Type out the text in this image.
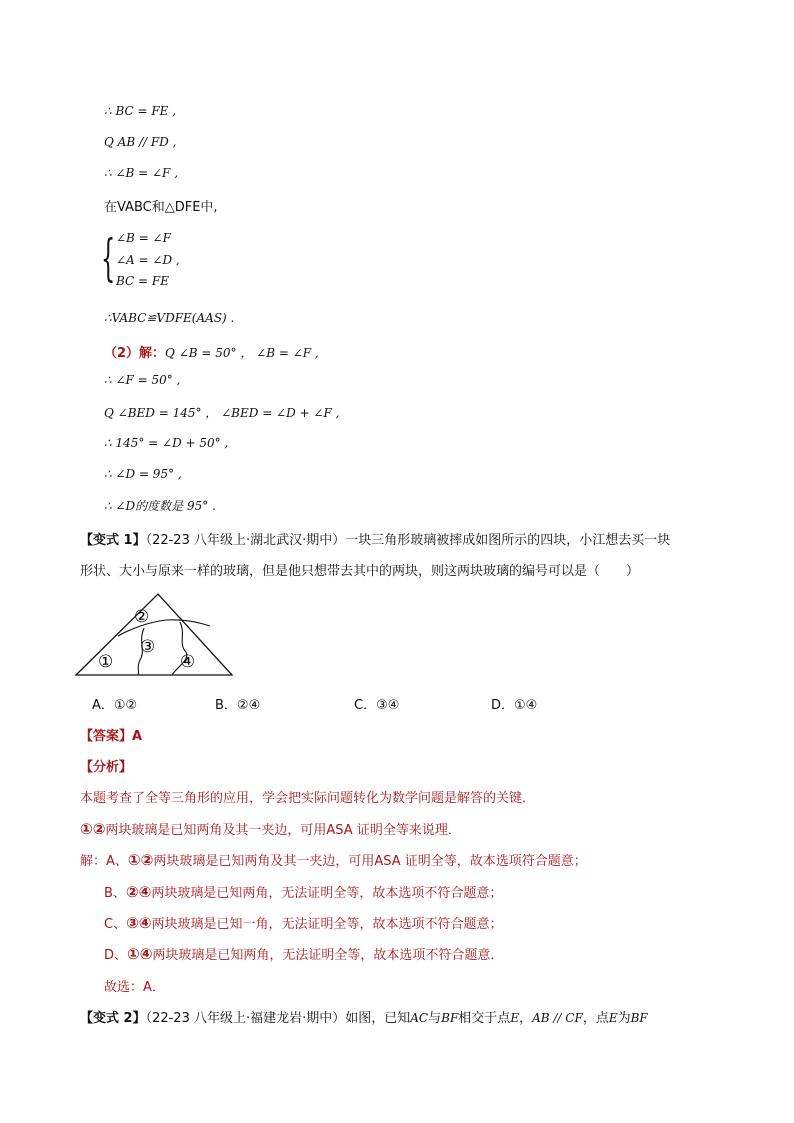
∴ BC = FE ,
Q AB // FD ,
∴ ∠B = ∠F ,
在VABC和△DFE中,
{ ∠B = ∠F
∠A = ∠D ,
BC = FE
∴VABC≌VDFE(AAS) .
（2）解：Q ∠B = 50° ， ∠B = ∠F ,
∴ ∠F = 50° ,
Q ∠BED = 145° ， ∠BED = ∠D + ∠F ,
∴ 145° = ∠D + 50° ,
∴ ∠D = 95° ,
∴ ∠D的度数是 95° .
【变式 1】（22-23 八年级上·湖北武汉·期中）一块三角形玻璃被摔成如图所示的四块，小江想去买一块
形状、大小与原来一样的玻璃，但是他只想带去其中的两块，则这两块玻璃的编号可以是（　　）
②
③
①	④
A．①②	B．②④	C．③④	D．①④
【答案】A
【分析】
本题考查了全等三角形的应用，学会把实际问题转化为数学问题是解答的关键．
①②两块玻璃是已知两角及其一夹边，可用ASA 证明全等来说理．
解：A、①②两块玻璃是已知两角及其一夹边，可用ASA 证明全等，故本选项符合题意；
B、②④两块玻璃是已知两角，无法证明全等，故本选项不符合题意；
C、③④两块玻璃是已知一角，无法证明全等，故本选项不符合题意；
D、①④两块玻璃是已知两角，无法证明全等，故本选项不符合题意．
故选：A．
【变式 2】（22-23 八年级上·福建龙岩·期中）如图，已知AC与BF相交于点E，AB // CF，点E为BF
